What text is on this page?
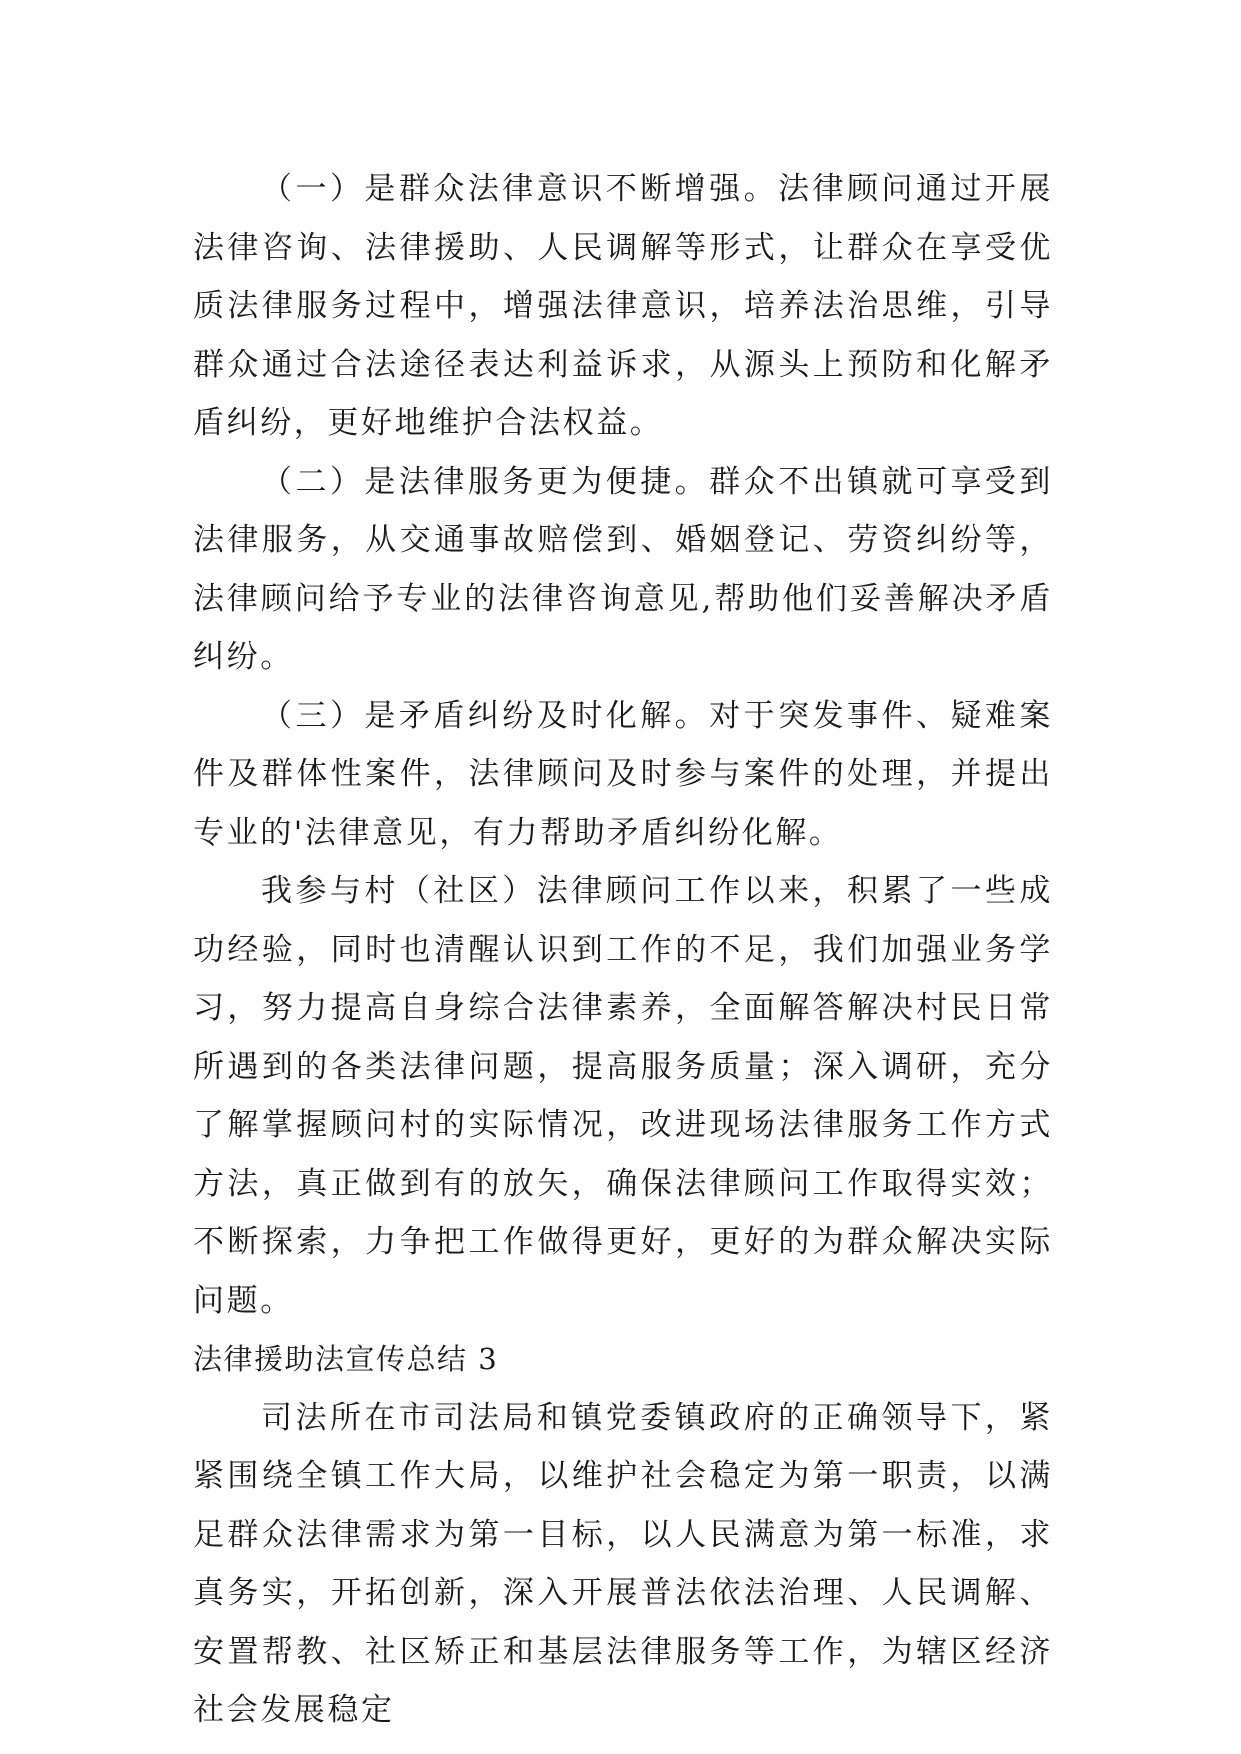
（一）是群众法律意识不断增强。法律顾问通过开展法律咨询、法律援助、人民调解等形式，让群众在享受优质法律服务过程中，增强法律意识，培养法治思维，引导群众通过合法途径表达利益诉求，从源头上预防和化解矛盾纠纷，更好地维护合法权益。

（二）是法律服务更为便捷。群众不出镇就可享受到法律服务，从交通事故赔偿到、婚姻登记、劳资纠纷等，法律顾问给予专业的法律咨询意见,帮助他们妥善解决矛盾纠纷。

（三）是矛盾纠纷及时化解。对于突发事件、疑难案件及群体性案件，法律顾问及时参与案件的处理，并提出专业的'法律意见，有力帮助矛盾纠纷化解。

我参与村（社区）法律顾问工作以来，积累了一些成功经验，同时也清醒认识到工作的不足，我们加强业务学习，努力提高自身综合法律素养，全面解答解决村民日常所遇到的各类法律问题，提高服务质量；深入调研，充分了解掌握顾问村的实际情况，改进现场法律服务工作方式方法，真正做到有的放矢，确保法律顾问工作取得实效；不断探索，力争把工作做得更好，更好的为群众解决实际问题。

法律援助法宣传总结 3

司法所在市司法局和镇党委镇政府的正确领导下，紧紧围绕全镇工作大局，以维护社会稳定为第一职责，以满足群众法律需求为第一目标，以人民满意为第一标准，求真务实，开拓创新，深入开展普法依法治理、人民调解、安置帮教、社区矫正和基层法律服务等工作，为辖区经济社会发展稳定
